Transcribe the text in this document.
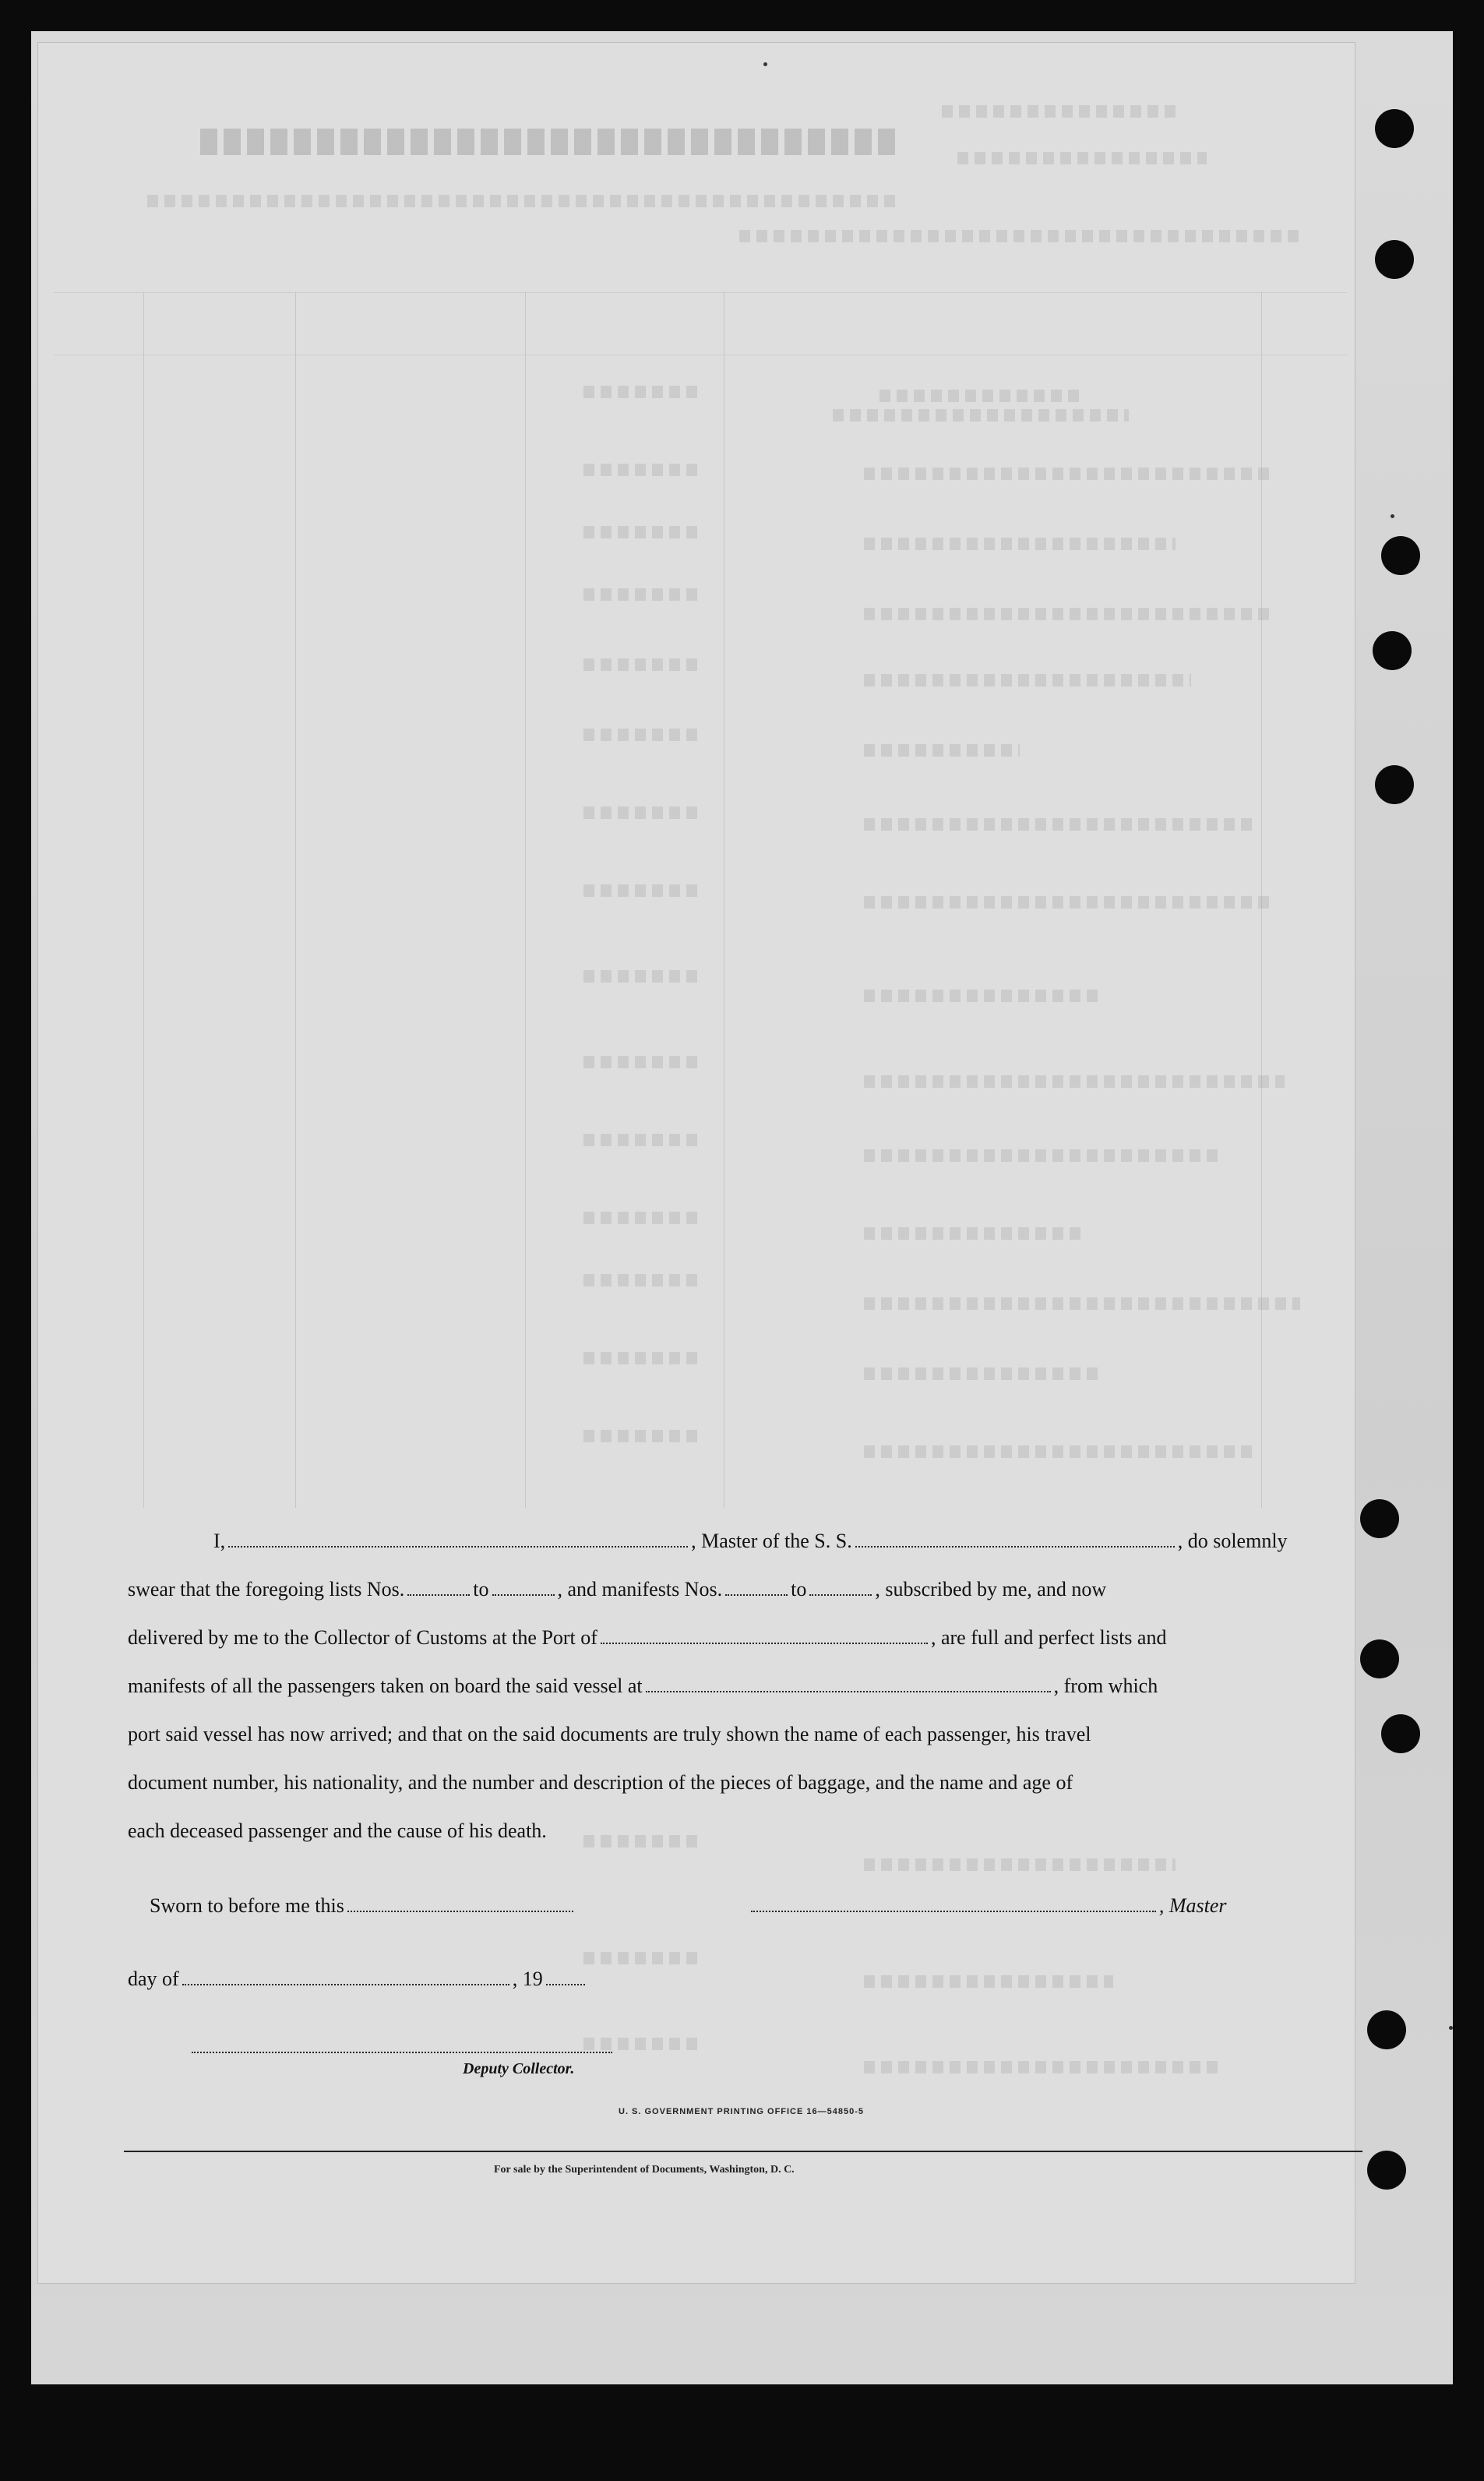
I,	, Master of the S. S.	, do solemnly
swear that the foregoing lists Nos.	to	, and manifests Nos.	to	, subscribed by me, and now
delivered by me to the Collector of Customs at the Port of	, are full and perfect lists and
manifests of all the passengers taken on board the said vessel at	, from which
port said vessel has now arrived; and that on the said documents are truly shown the name of each passenger, his travel
document number, his nationality, and the number and description of the pieces of baggage, and the name and age of
each deceased passenger and the cause of his death.
Sworn to before me this	, Master
day of	, 19
Deputy Collector.
U. S. GOVERNMENT PRINTING OFFICE 16—54850-5
For sale by the Superintendent of Documents, Washington, D. C.
